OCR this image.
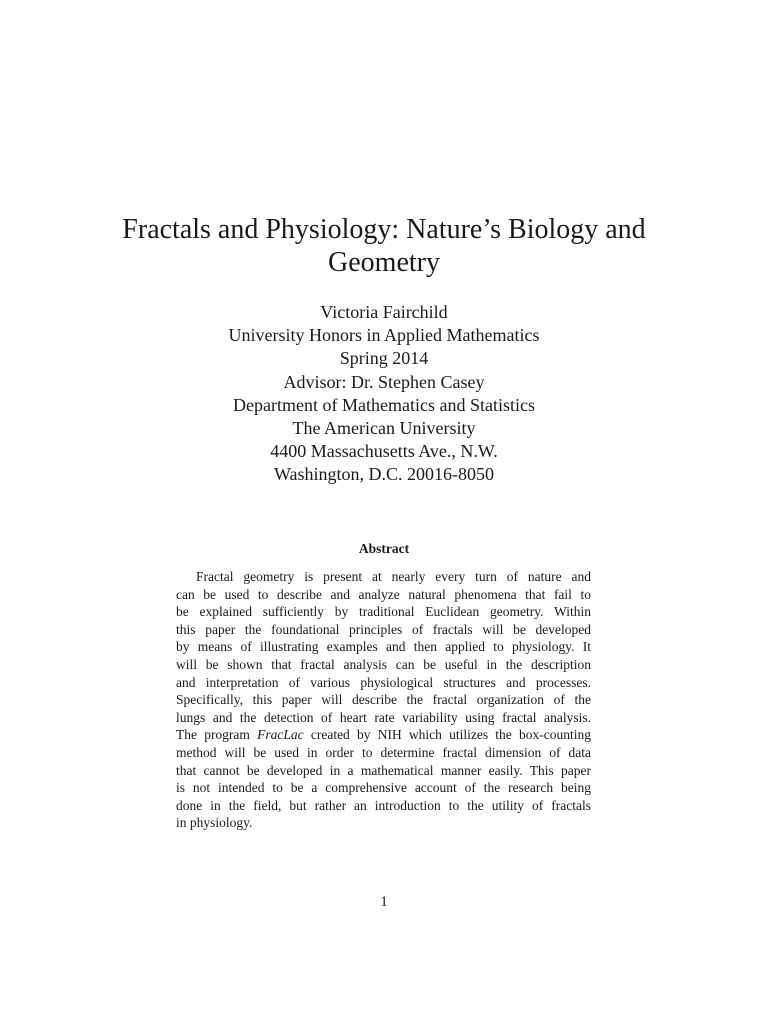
Fractals and Physiology: Nature’s Biology and
Geometry
Victoria Fairchild
University Honors in Applied Mathematics
Spring 2014
Advisor: Dr. Stephen Casey
Department of Mathematics and Statistics
The American University
4400 Massachusetts Ave., N.W.
Washington, D.C. 20016-8050
Abstract
Fractal geometry is present at nearly every turn of nature and
can be used to describe and analyze natural phenomena that fail to
be explained sufficiently by traditional Euclidean geometry. Within
this paper the foundational principles of fractals will be developed
by means of illustrating examples and then applied to physiology. It
will be shown that fractal analysis can be useful in the description
and interpretation of various physiological structures and processes.
Specifically, this paper will describe the fractal organization of the
lungs and the detection of heart rate variability using fractal analysis.
The program FracLac created by NIH which utilizes the box-counting
method will be used in order to determine fractal dimension of data
that cannot be developed in a mathematical manner easily. This paper
is not intended to be a comprehensive account of the research being
done in the field, but rather an introduction to the utility of fractals
in physiology.
1
